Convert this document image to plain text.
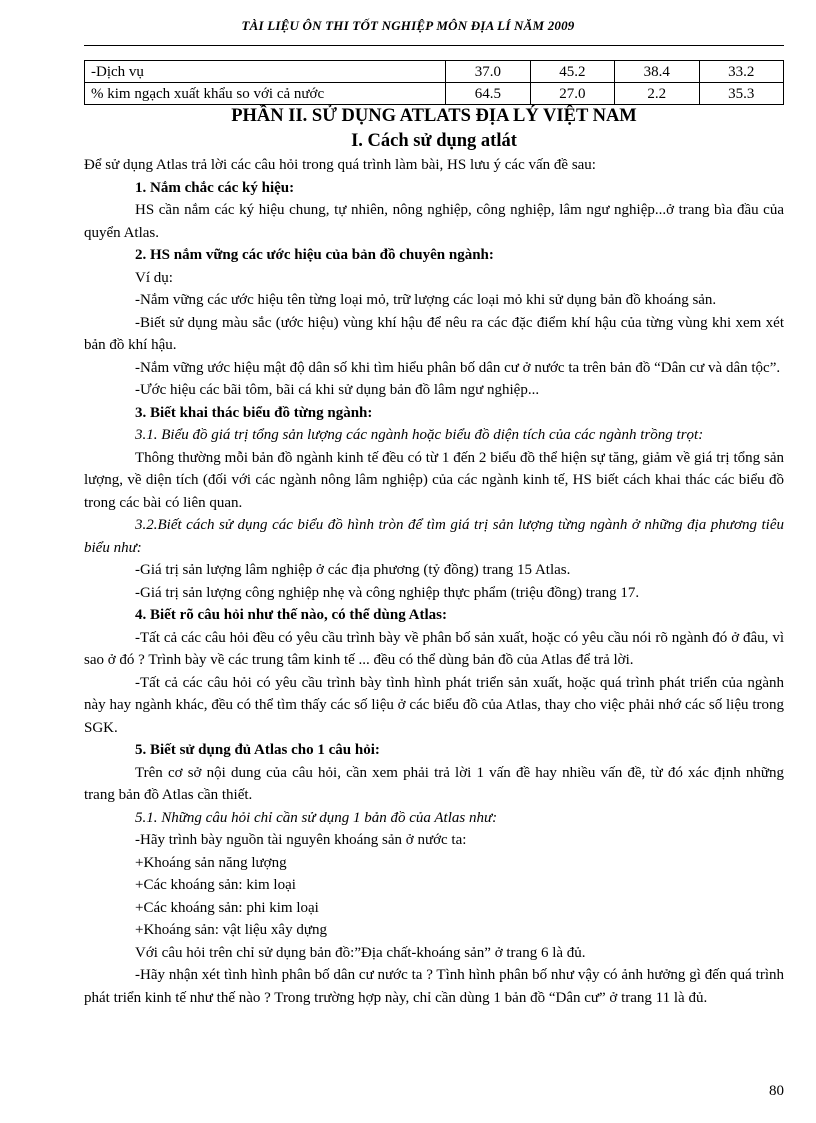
TÀI LIỆU ÔN THI TỐT NGHIỆP MÔN ĐỊA LÍ NĂM 2009
-Dịch vụ	37.0	45.2	38.4	33.2
% kim ngạch xuất khẩu so với cả nước	64.5	27.0	2.2	35.3
PHẦN II. SỬ DỤNG ATLATS ĐỊA LÝ VIỆT NAM
I. Cách sử dụng atlát

Để sử dụng Atlas trả lời các câu hỏi trong quá trình làm bài, HS lưu ý các vấn đề sau:

1. Nắm chắc các ký hiệu:

HS cần nắm các ký hiệu chung, tự nhiên, nông nghiệp, công nghiệp, lâm ngư nghiệp...ở trang bìa đầu của quyển Atlas.

2. HS nắm vững các ước hiệu của bản đồ chuyên ngành:

Ví dụ:

-Nắm vững các ước hiệu tên từng loại mỏ, trữ lượng các loại mỏ khi sử dụng bản đồ khoáng sản.

-Biết sử dụng màu sắc (ước hiệu) vùng khí hậu để nêu ra các đặc điểm khí hậu của từng vùng khi xem xét bản đồ khí hậu.

-Nắm vững ước hiệu mật độ dân số khi tìm hiểu phân bố dân cư ở nước ta trên bản đồ “Dân cư và dân tộc”.

-Ước hiệu các bãi tôm, bãi cá khi sử dụng bản đồ lâm ngư nghiệp...

3. Biết khai thác biểu đồ từng ngành:

3.1. Biểu đồ giá trị tổng sản lượng các ngành hoặc biểu đồ diện tích của các ngành trồng trọt:

Thông thường mỗi bản đồ ngành kinh tế đều có từ 1 đến 2 biểu đồ thể hiện sự tăng, giảm về giá trị tổng sản lượng, về diện tích (đối với các ngành nông lâm nghiệp) của các ngành kinh tế, HS biết cách khai thác các biểu đồ trong các bài có liên quan.

3.2.Biết cách sử dụng các biểu đồ hình tròn để tìm giá trị sản lượng từng ngành ở những địa phương tiêu biểu như:

-Giá trị sản lượng lâm nghiệp ở các địa phương (tỷ đồng) trang 15 Atlas.

-Giá trị sản lượng công nghiệp nhẹ và công nghiệp thực phẩm (triệu đồng) trang 17.

4. Biết rõ câu hỏi như thế nào, có thể dùng Atlas:

-Tất cả các câu hỏi đều có yêu cầu trình bày về phân bố sản xuất, hoặc có yêu cầu nói rõ ngành đó ở đâu, vì sao ở đó ? Trình bày về các trung tâm kinh tế ... đều có thể dùng bản đồ của Atlas để trả lời.

-Tất cả các câu hỏi có yêu cầu trình bày tình hình phát triển sản xuất, hoặc quá trình phát triển của ngành này hay ngành khác, đều có thể tìm thấy các số liệu ở các biểu đồ của Atlas, thay cho việc phải nhớ các số liệu trong SGK.

5. Biết sử dụng đủ Atlas cho 1 câu hỏi:

Trên cơ sở nội dung của câu hỏi, cần xem phải trả lời 1 vấn đề hay nhiều vấn đề, từ đó xác định những trang bản đồ Atlas cần thiết.

5.1. Những câu hỏi chỉ cần sử dụng 1 bản đồ của Atlas như:

-Hãy trình bày nguồn tài nguyên khoáng sản ở nước ta:

+Khoáng sản năng lượng

+Các khoáng sản: kim loại

+Các khoáng sản: phi kim loại

+Khoáng sản: vật liệu xây dựng

Với câu hỏi trên chỉ sử dụng bản đồ:”Địa chất-khoáng sản” ở trang 6 là đủ.

-Hãy nhận xét tình hình phân bố dân cư nước ta ? Tình hình phân bố như vậy có ảnh hưởng gì đến quá trình phát triển kinh tế như thế nào ? Trong trường hợp này, chỉ cần dùng 1 bản đồ “Dân cư” ở trang 11 là đủ.

80
